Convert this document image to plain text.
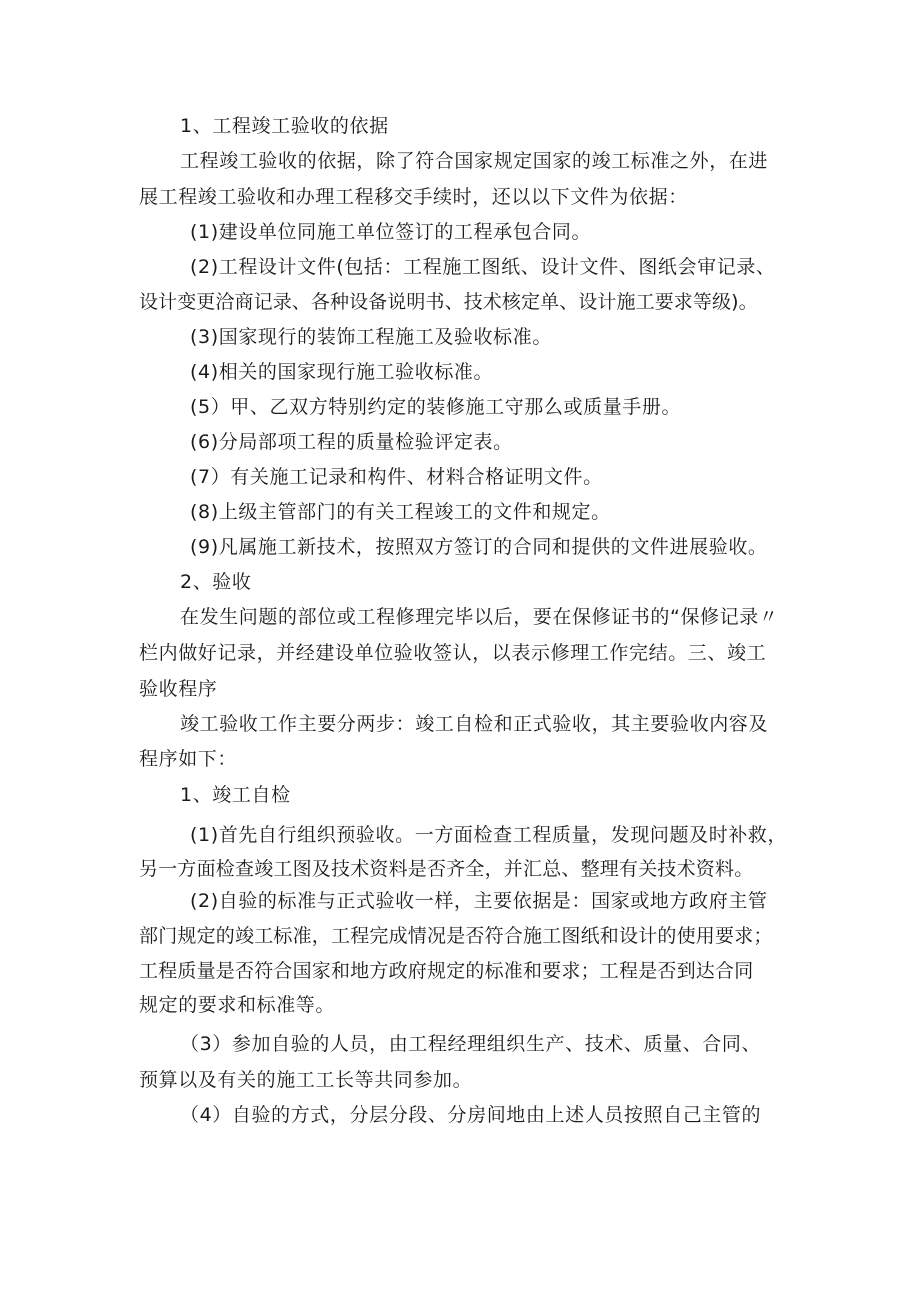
1、工程竣工验收的依据
工程竣工验收的依据，除了符合国家规定国家的竣工标准之外，在进
展工程竣工验收和办理工程移交手续时，还以以下文件为依据：
(1)建设单位同施工单位签订的工程承包合同。
(2)工程设计文件(包括：工程施工图纸、设计文件、图纸会审记录、
设计变更洽商记录、各种设备说明书、技术核定单、设计施工要求等级)。
(3)国家现行的装饰工程施工及验收标准。
(4)相关的国家现行施工验收标准。
(5）甲、乙双方特别约定的装修施工守那么或质量手册。
(6)分局部项工程的质量检验评定表。
(7）有关施工记录和构件、材料合格证明文件。
(8)上级主管部门的有关工程竣工的文件和规定。
(9)凡属施工新技术，按照双方签订的合同和提供的文件进展验收。
2、验收
在发生问题的部位或工程修理完毕以后，要在保修证书的“保修记录〃
栏内做好记录，并经建设单位验收签认，以表示修理工作完结。三、竣工
验收程序
竣工验收工作主要分两步：竣工自检和正式验收，其主要验收内容及
程序如下：
1、竣工自检
(1)首先自行组织预验收。一方面检查工程质量，发现问题及时补救，
另一方面检查竣工图及技术资料是否齐全，并汇总、整理有关技术资料。
(2)自验的标准与正式验收一样，主要依据是：国家或地方政府主管
部门规定的竣工标准，工程完成情况是否符合施工图纸和设计的使用要求；
工程质量是否符合国家和地方政府规定的标准和要求；工程是否到达合同
规定的要求和标准等。
（3）参加自验的人员，由工程经理组织生产、技术、质量、合同、
预算以及有关的施工工长等共同参加。
（4）自验的方式，分层分段、分房间地由上述人员按照自己主管的
